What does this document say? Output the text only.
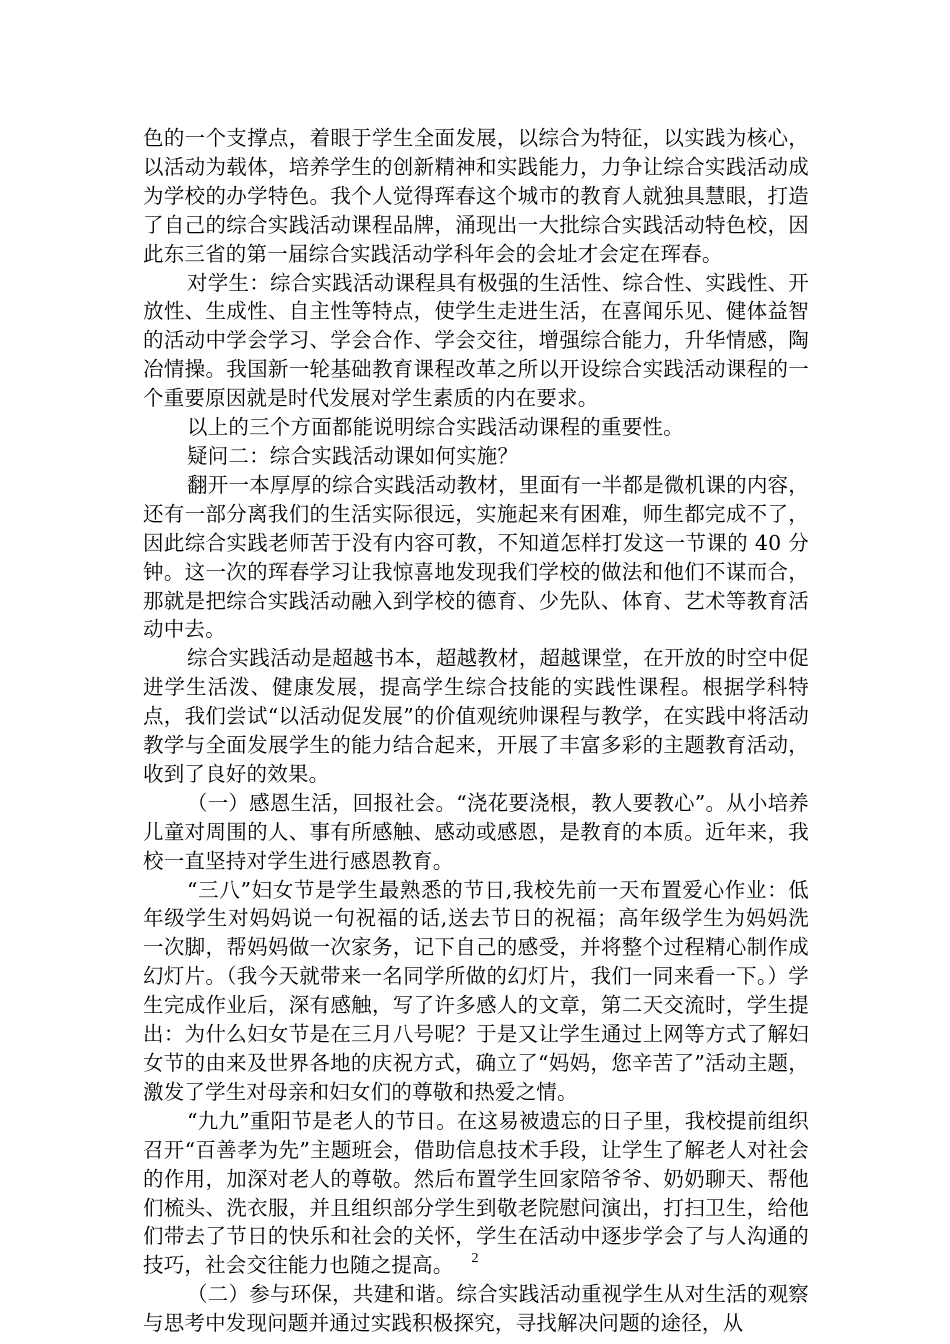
色的一个支撑点，着眼于学生全面发展，以综合为特征，以实践为核心，以活动为载体，培养学生的创新精神和实践能力，力争让综合实践活动成为学校的办学特色。我个人觉得珲春这个城市的教育人就独具慧眼，打造了自己的综合实践活动课程品牌，涌现出一大批综合实践活动特色校，因此东三省的第一届综合实践活动学科年会的会址才会定在珲春。

对学生：综合实践活动课程具有极强的生活性、综合性、实践性、开放性、生成性、自主性等特点，使学生走进生活，在喜闻乐见、健体益智的活动中学会学习、学会合作、学会交往，增强综合能力，升华情感，陶冶情操。我国新一轮基础教育课程改革之所以开设综合实践活动课程的一个重要原因就是时代发展对学生素质的内在要求。

以上的三个方面都能说明综合实践活动课程的重要性。

疑问二：综合实践活动课如何实施？

翻开一本厚厚的综合实践活动教材，里面有一半都是微机课的内容，还有一部分离我们的生活实际很远，实施起来有困难，师生都完成不了，因此综合实践老师苦于没有内容可教，不知道怎样打发这一节课的 40 分钟。这一次的珲春学习让我惊喜地发现我们学校的做法和他们不谋而合，那就是把综合实践活动融入到学校的德育、少先队、体育、艺术等教育活动中去。

综合实践活动是超越书本，超越教材，超越课堂，在开放的时空中促进学生活泼、健康发展，提高学生综合技能的实践性课程。根据学科特点，我们尝试“以活动促发展”的价值观统帅课程与教学，在实践中将活动教学与全面发展学生的能力结合起来，开展了丰富多彩的主题教育活动，收到了良好的效果。

（一）感恩生活，回报社会。“浇花要浇根，教人要教心”。从小培养儿童对周围的人、事有所感触、感动或感恩，是教育的本质。近年来，我校一直坚持对学生进行感恩教育。

“三八”妇女节是学生最熟悉的节日,我校先前一天布置爱心作业：低年级学生对妈妈说一句祝福的话,送去节日的祝福；高年级学生为妈妈洗一次脚，帮妈妈做一次家务，记下自己的感受，并将整个过程精心制作成幻灯片。（我今天就带来一名同学所做的幻灯片，我们一同来看一下。）学生完成作业后，深有感触，写了许多感人的文章，第二天交流时，学生提出：为什么妇女节是在三月八号呢？于是又让学生通过上网等方式了解妇女节的由来及世界各地的庆祝方式，确立了“妈妈，您辛苦了”活动主题，激发了学生对母亲和妇女们的尊敬和热爱之情。

“九九”重阳节是老人的节日。在这易被遗忘的日子里，我校提前组织召开“百善孝为先”主题班会，借助信息技术手段，让学生了解老人对社会的作用，加深对老人的尊敬。然后布置学生回家陪爷爷、奶奶聊天、帮他们梳头、洗衣服，并且组织部分学生到敬老院慰问演出，打扫卫生，给他们带去了节日的快乐和社会的关怀，学生在活动中逐步学会了与人沟通的技巧，社会交往能力也随之提高。

（二）参与环保，共建和谐。综合实践活动重视学生从对生活的观察与思考中发现问题并通过实践积极探究，寻找解决问题的途径，从

2
